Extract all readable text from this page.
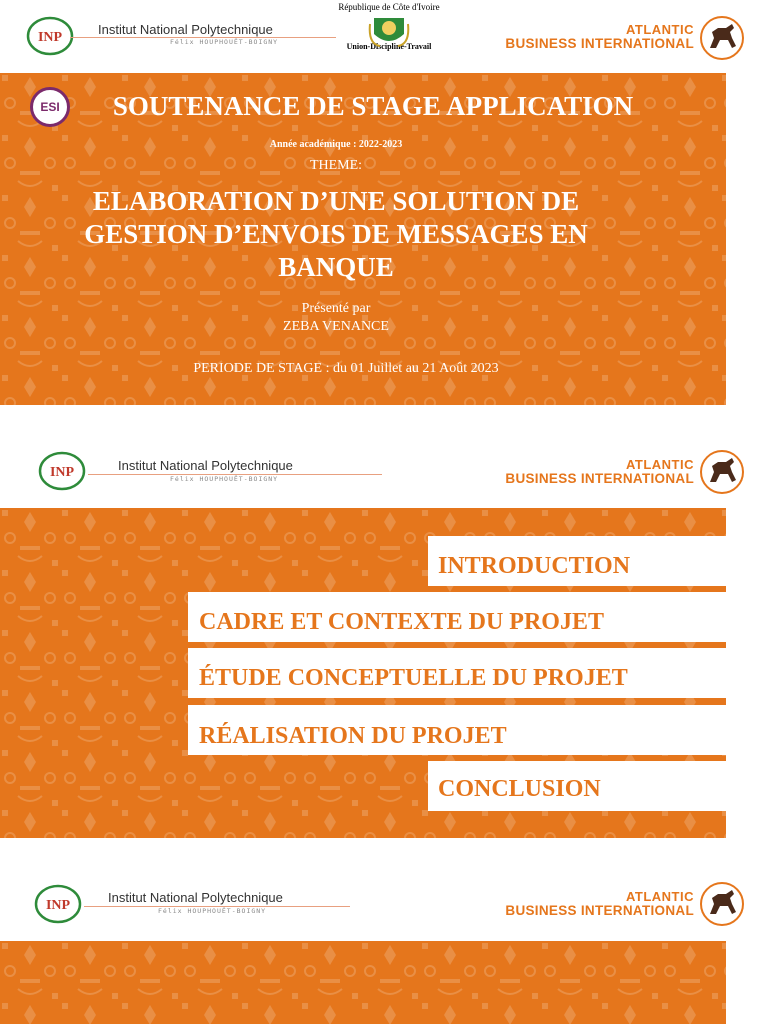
INP
Institut National Polytechnique
Félix HOUPHOUËT-BOIGNY
République de Côte d'Ivoire
Union-Discipline-Travail
ATLANTIC
BUSINESS INTERNATIONAL
ESI	SOUTENANCE DE STAGE APPLICATION
Année académique : 2022-2023
THEME:
ELABORATION D’UNE SOLUTION DE GESTION D’ENVOIS DE MESSAGES EN BANQUE
Présenté par
ZEBA VENANCE
PERIODE DE STAGE : du 01 Juillet au 21 Août 2023
INP	Institut National Polytechnique
Félix HOUPHOUËT-BOIGNY
ATLANTIC
BUSINESS INTERNATIONAL
INTRODUCTION
CADRE ET CONTEXTE DU PROJET
ÉTUDE CONCEPTUELLE DU PROJET
RÉALISATION DU PROJET
CONCLUSION
INP
Institut National Polytechnique
Félix HOUPHOUËT-BOIGNY
ATLANTIC
BUSINESS INTERNATIONAL
